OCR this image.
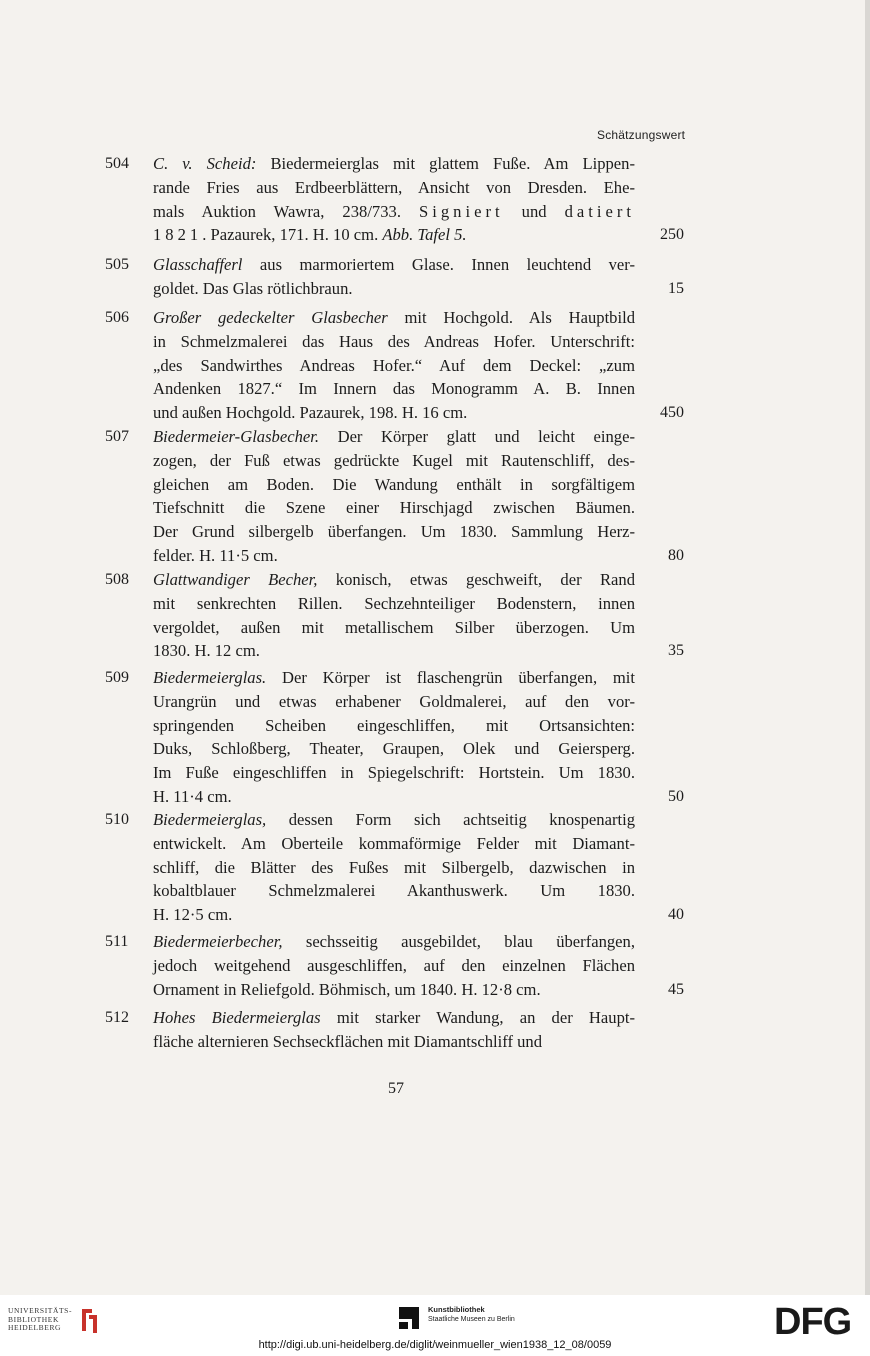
Schätzungswert
504 C. v. Scheid: Biedermeierglas mit glattem Fuße. Am Lippen-
rande Fries aus Erdbeerblättern, Ansicht von Dresden. Ehe-
mals Auktion Wawra, 238/733. Signiert und datiert
1821. Pazaurek, 171. H. 10 cm. Abb. Tafel 5.	250
505 Glasschafferl aus marmoriertem Glase. Innen leuchtend ver-
goldet. Das Glas rötlichbraun.	15
506 Großer gedeckelter Glasbecher mit Hochgold. Als Hauptbild
in Schmelzmalerei das Haus des Andreas Hofer. Unterschrift:
„des Sandwirthes Andreas Hofer.“ Auf dem Deckel: „zum
Andenken 1827.“ Im Innern das Monogramm A. B. Innen
und außen Hochgold. Pazaurek, 198. H. 16 cm.	450
507 Biedermeier-Glasbecher. Der Körper glatt und leicht einge-
zogen, der Fuß etwas gedrückte Kugel mit Rautenschliff, des-
gleichen am Boden. Die Wandung enthält in sorgfältigem
Tiefschnitt die Szene einer Hirschjagd zwischen Bäumen.
Der Grund silbergelb überfangen. Um 1830. Sammlung Herz-
felder. H. 11·5 cm.	80
508 Glattwandiger Becher, konisch, etwas geschweift, der Rand
mit senkrechten Rillen. Sechzehnteiliger Bodenstern, innen
vergoldet, außen mit metallischem Silber überzogen. Um
1830. H. 12 cm.	35
509 Biedermeierglas. Der Körper ist flaschengrün überfangen, mit
Urangrün und etwas erhabener Goldmalerei, auf den vor-
springenden Scheiben eingeschliffen, mit Ortsansichten:
Duks, Schloßberg, Theater, Graupen, Olek und Geiersperg.
Im Fuße eingeschliffen in Spiegelschrift: Hortstein. Um 1830.
H. 11·4 cm.	50
510 Biedermeierglas, dessen Form sich achtseitig knospenartig
entwickelt. Am Oberteile kommaförmige Felder mit Diamant-
schliff, die Blätter des Fußes mit Silbergelb, dazwischen in
kobaltblauer Schmelzmalerei Akanthuswerk. Um 1830.
H. 12·5 cm.	40
511 Biedermeierbecher, sechsseitig ausgebildet, blau überfangen,
jedoch weitgehend ausgeschliffen, auf den einzelnen Flächen
Ornament in Reliefgold. Böhmisch, um 1840. H. 12·8 cm.	45
512 Hohes Biedermeierglas mit starker Wandung, an der Haupt-
fläche alternieren Sechseckflächen mit Diamantschliff und
57
UNIVERSITÄTS-
BIBLIOTHEK
HEIDELBERG
Kunstbibliothek
Staatliche Museen zu Berlin	DFG
http://digi.ub.uni-heidelberg.de/diglit/weinmueller_wien1938_12_08/0059
